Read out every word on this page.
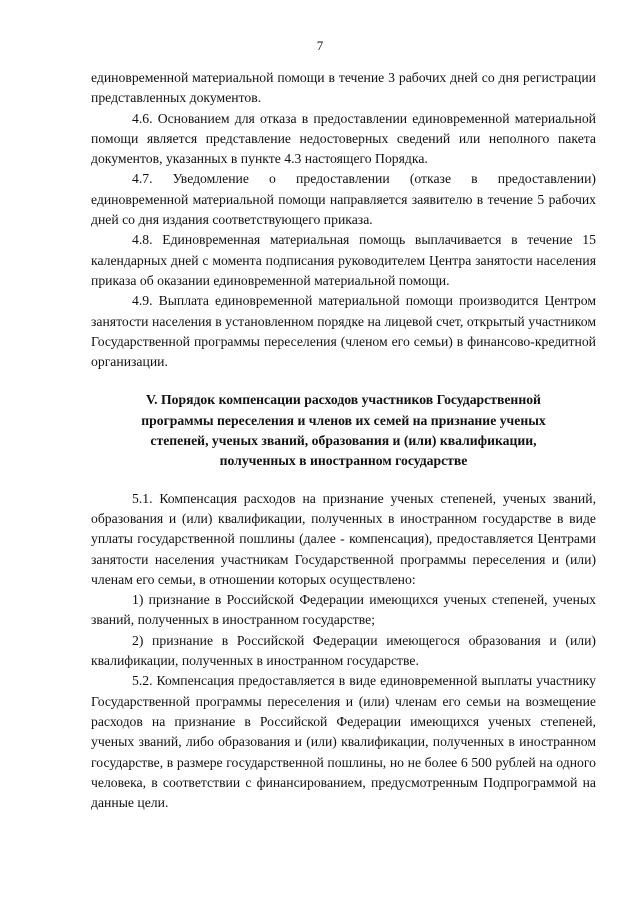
7

единовременной материальной помощи в течение 3 рабочих дней со дня регистрации представленных документов.

4.6. Основанием для отказа в предоставлении единовременной материальной помощи является представление недостоверных сведений или неполного пакета документов, указанных в пункте 4.3 настоящего Порядка.

4.7. Уведомление о предоставлении (отказе в предоставлении) единовременной материальной помощи направляется заявителю в течение 5 рабочих дней со дня издания соответствующего приказа.

4.8. Единовременная материальная помощь выплачивается в течение 15 календарных дней с момента подписания руководителем Центра занятости населения приказа об оказании единовременной материальной помощи.

4.9. Выплата единовременной материальной помощи производится Центром занятости населения в установленном порядке на лицевой счет, открытый участником Государственной программы переселения (членом его семьи) в финансово-кредитной организации.

V. Порядок компенсации расходов участников Государственной
программы переселения и членов их семей на признание ученых
степеней, ученых званий, образования и (или) квалификации,
полученных в иностранном государстве

5.1. Компенсация расходов на признание ученых степеней, ученых званий, образования и (или) квалификации, полученных в иностранном государстве в виде уплаты государственной пошлины (далее - компенсация), предоставляется Центрами занятости населения участникам Государственной программы переселения и (или) членам его семьи, в отношении которых осуществлено:

1) признание в Российской Федерации имеющихся ученых степеней, ученых званий, полученных в иностранном государстве;

2) признание в Российской Федерации имеющегося образования и (или) квалификации, полученных в иностранном государстве.

5.2. Компенсация предоставляется в виде единовременной выплаты участнику Государственной программы переселения и (или) членам его семьи на возмещение расходов на признание в Российской Федерации имеющихся ученых степеней, ученых званий, либо образования и (или) квалификации, полученных в иностранном государстве, в размере государственной пошлины, но не более 6 500 рублей на одного человека, в соответствии с финансированием, предусмотренным Подпрограммой на данные цели.
